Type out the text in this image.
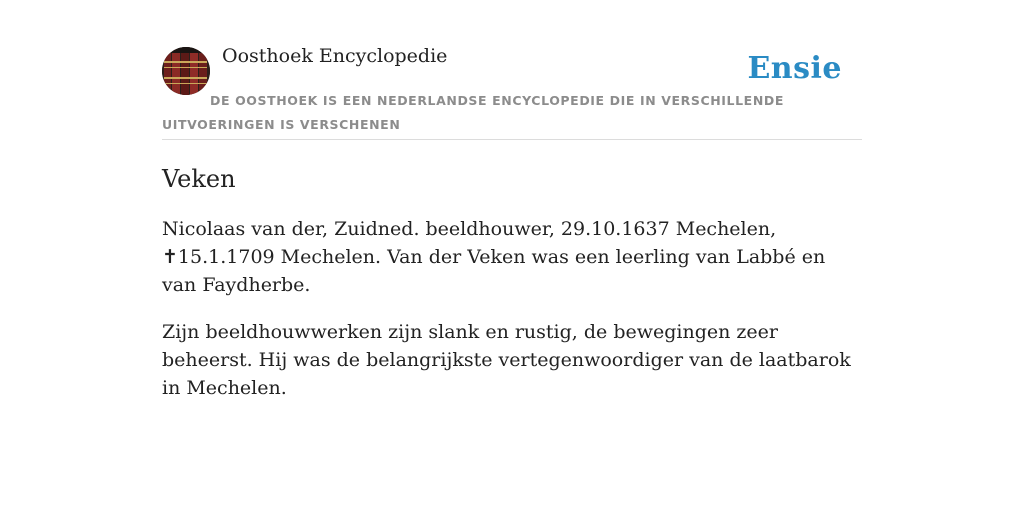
Oosthoek Encyclopedie	Ensie
DE OOSTHOEK IS EEN NEDERLANDSE ENCYCLOPEDIE DIE IN VERSCHILLENDE UITVOERINGEN IS VERSCHENEN
Veken

Nicolaas van der, Zuidned. beeldhouwer, 29.10.1637 Mechelen, ✝15.1.1709 Mechelen. Van der Veken was een leerling van Labbé en van Faydherbe.

Zijn beeldhouwwerken zijn slank en rustig, de bewegingen zeer beheerst. Hij was de belangrijkste vertegenwoordiger van de laatbarok in Mechelen.
